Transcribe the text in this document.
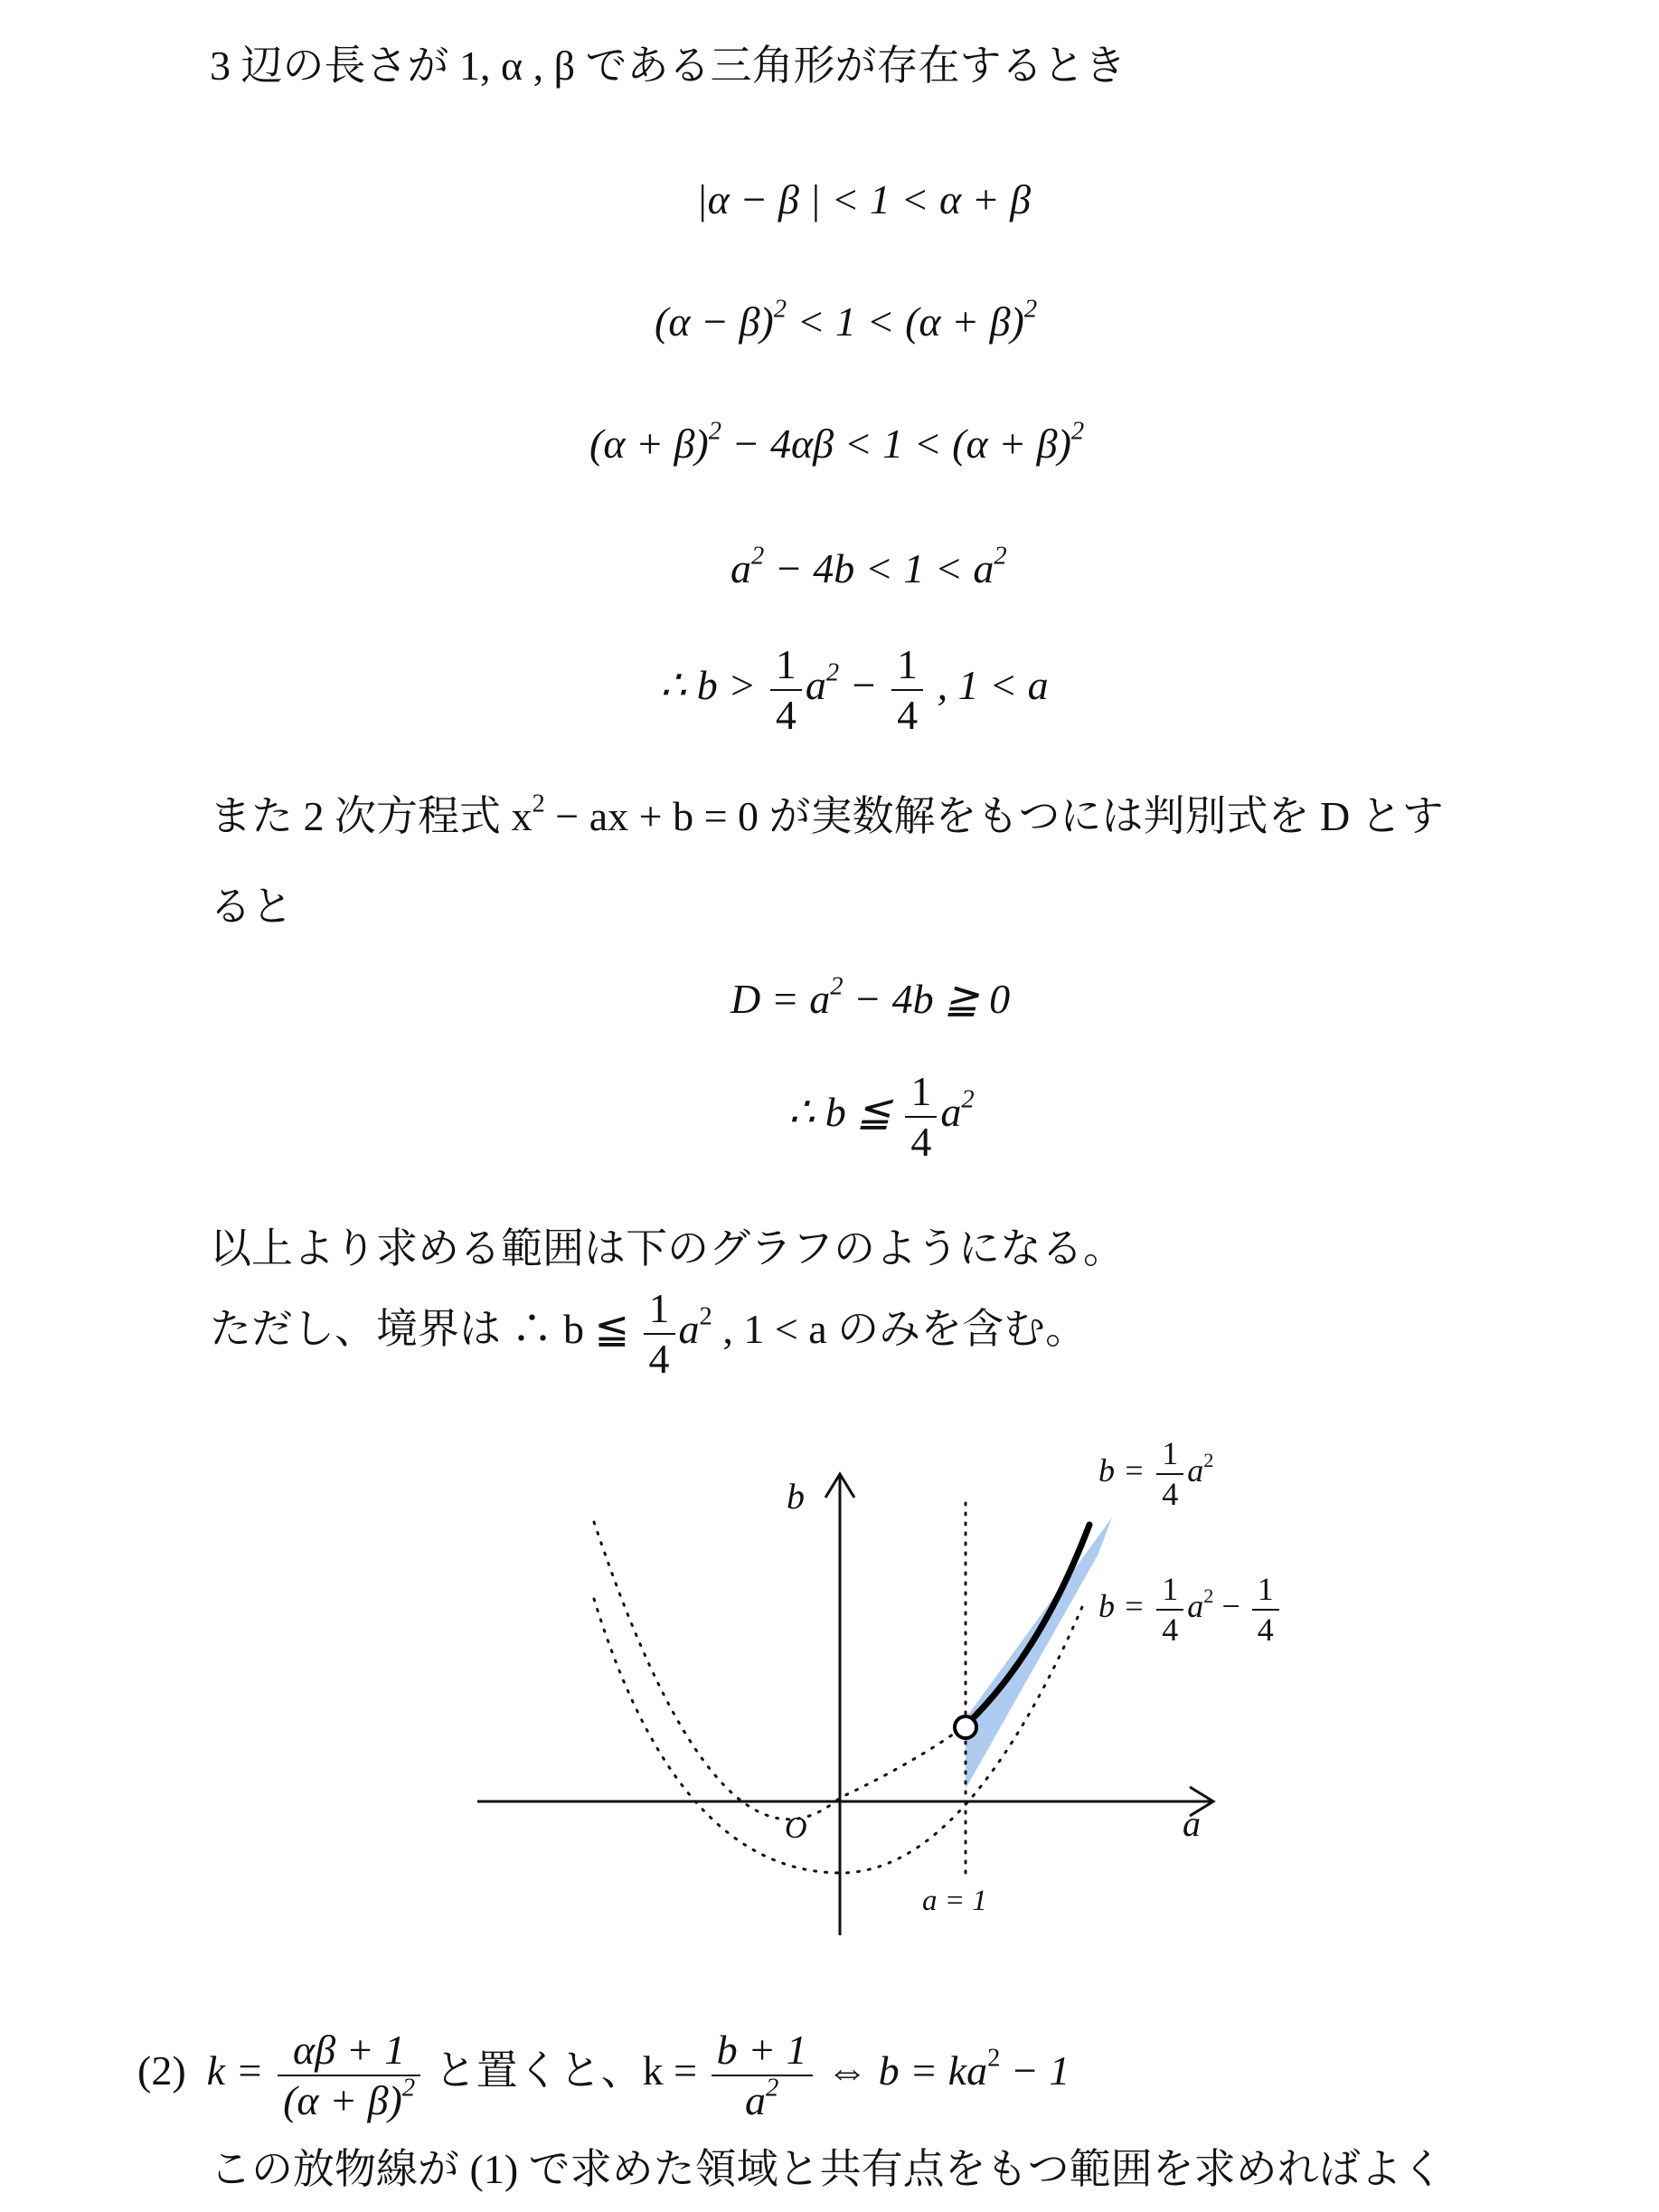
3 辺の長さが 1, α , β である三角形が存在するとき
|α − β | < 1 < α + β
$(\alpha - \beta)^2 < 1 < (\alpha + \beta)^2$
$(\alpha + \beta)^2 - 4\alpha\beta < 1 < (\alpha + \beta)^2$
$a^2 - 4b < 1 < a^2$
∴ $b > \frac{1}{4} a^2 - \frac{1}{4}$ , 1 < a
また 2 次方程式 $x^2$ − ax + b = 0 が実数解をもつには判別式を D とす
ると
$D = a^2 - 4b$ ≧ 0
∴ b ≦ $\frac{1}{4} a^2$
以上より求める範囲は下のグラフのようになる。
ただし、境界は ∴ b ≦ $\frac{1}{4} a^2$ , 1 < a のみを含む。
a
b
O
a = 1
$b = \frac{1}{4} a^2$
$b = \frac{1}{4} a^2 - \frac{1}{4}$
(2) $k = \frac{\alpha\beta + 1}{(\alpha + \beta)^2}$ と置くと、$k = \frac{b + 1}{a^2}$ ⇔ $b = ka^2 - 1$
この放物線が (1) で求めた領域と共有点をもつ範囲を求めればよく
